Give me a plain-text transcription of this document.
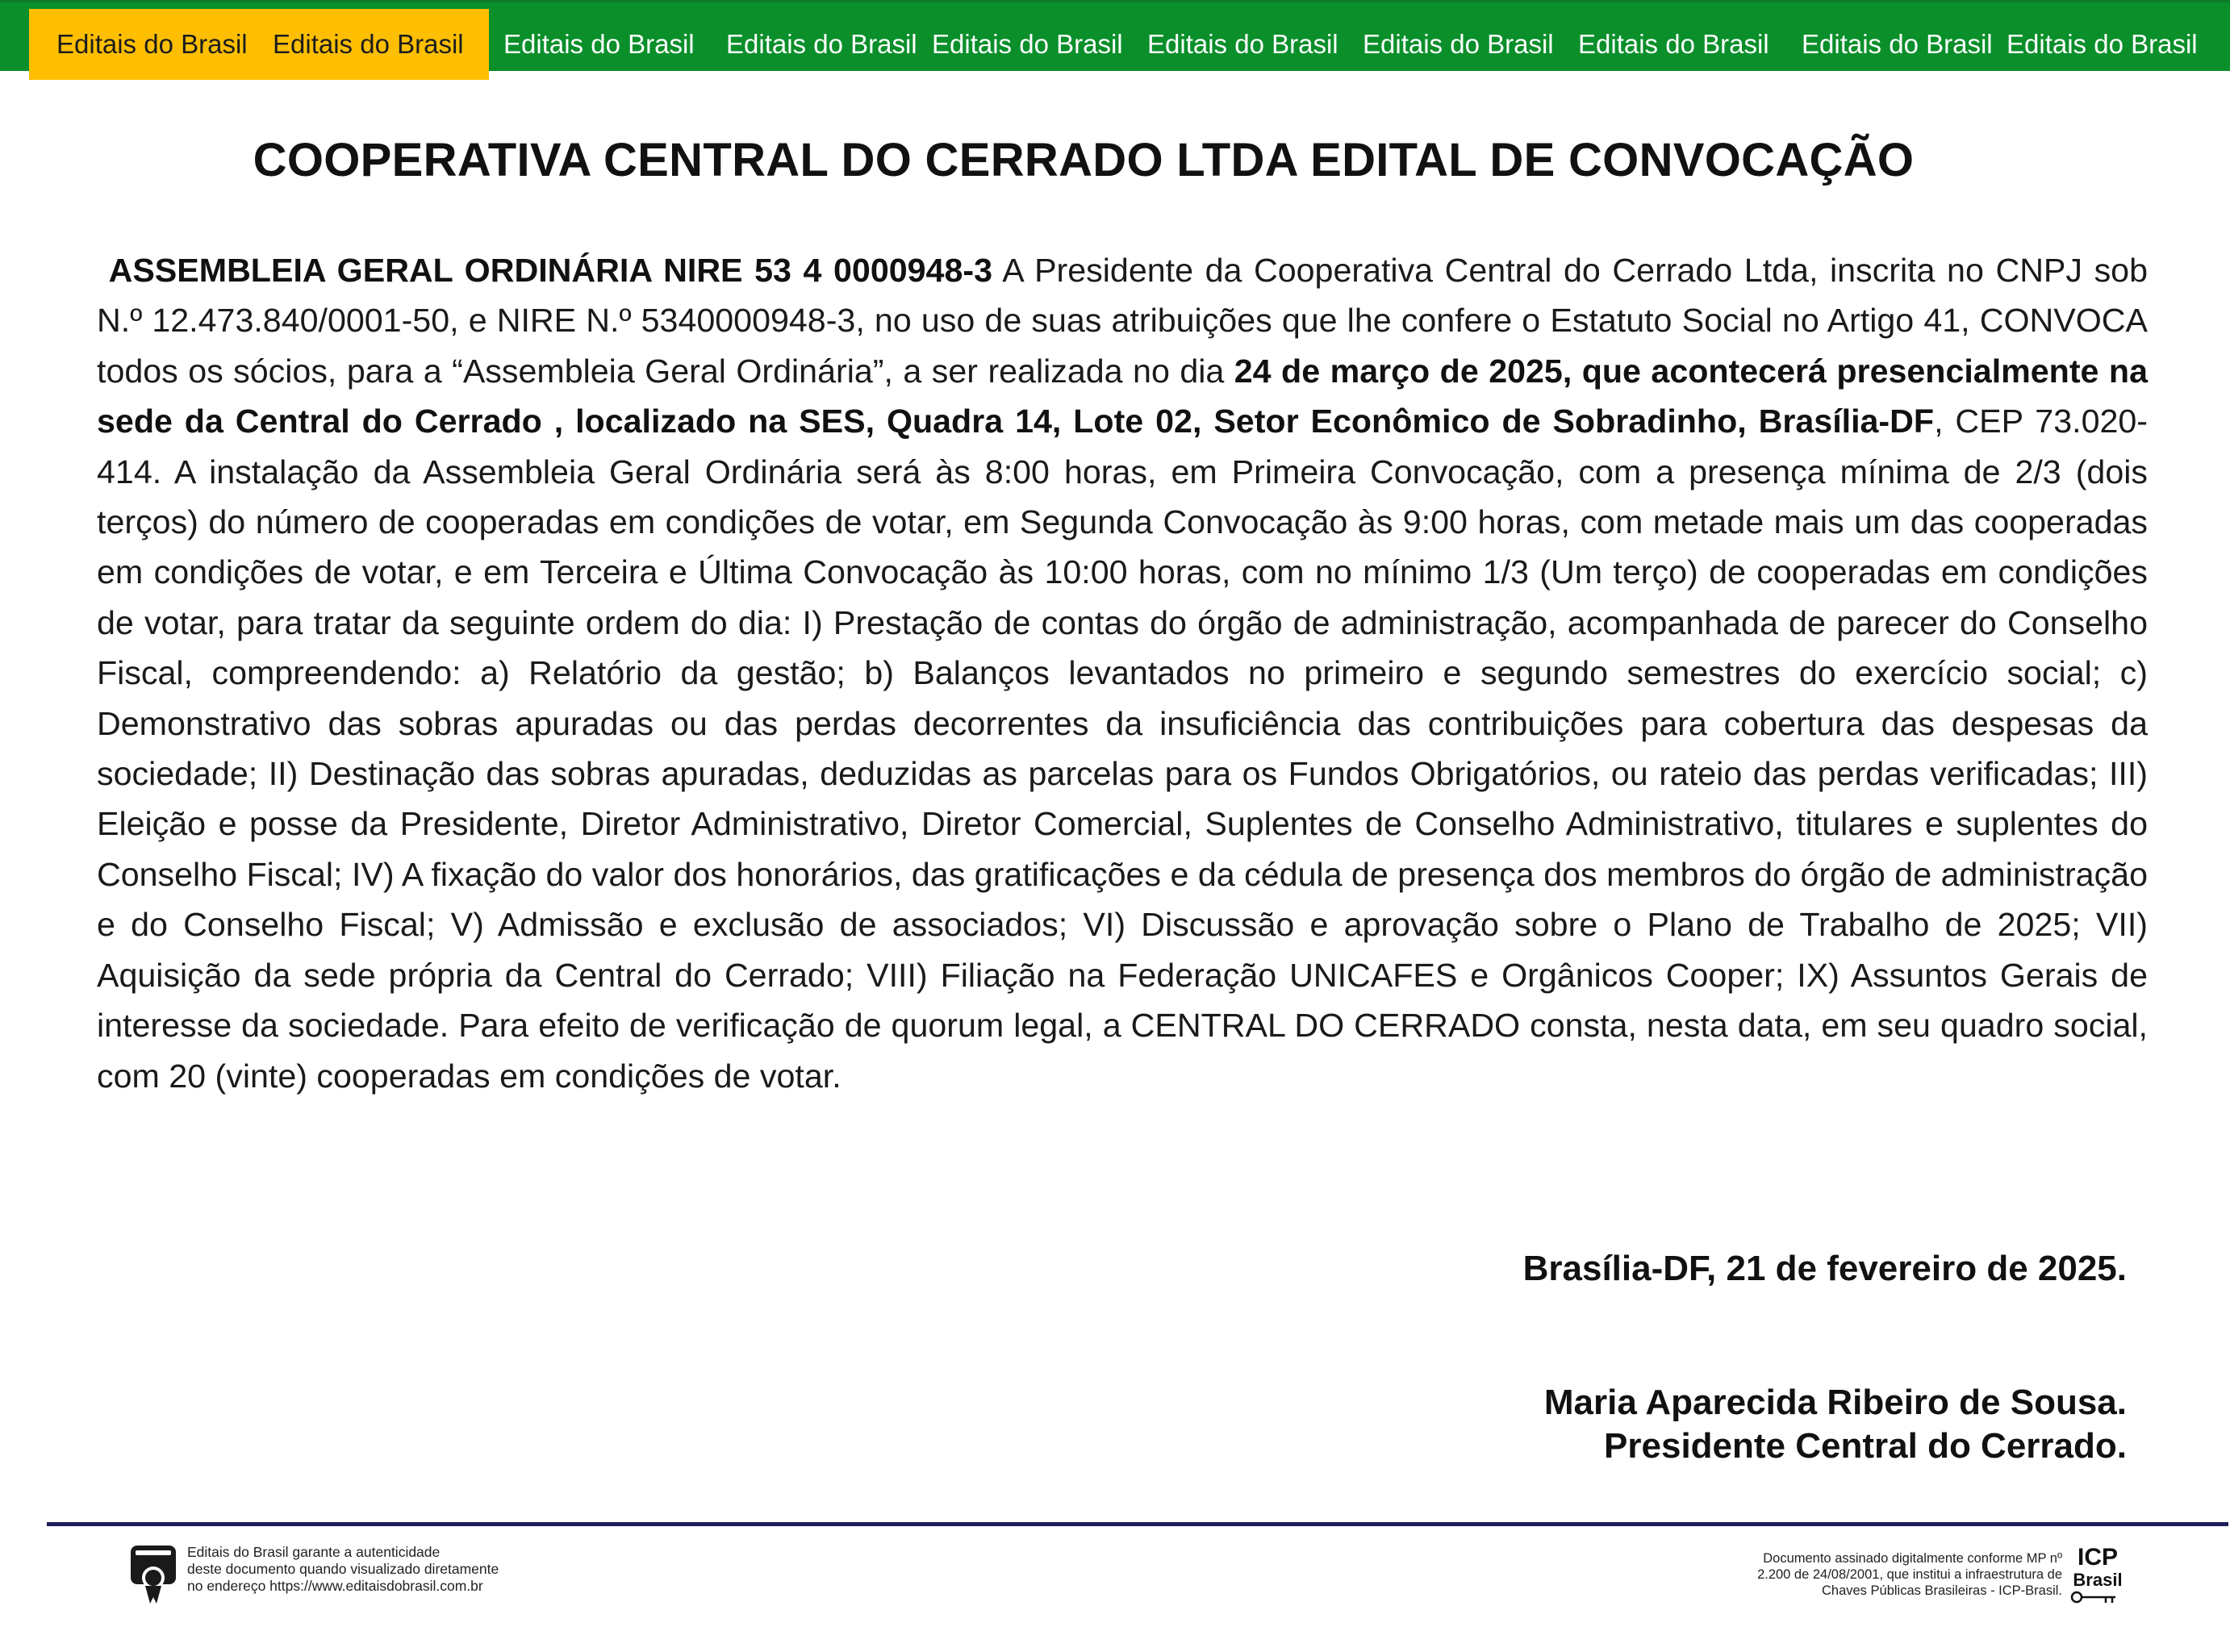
Editais do Brasil Editais do Brasil Editais do Brasil Editais do Brasil Editais do Brasil Editais do Brasil Editais do Brasil Editais do Brasil Editais do Brasil Editais do Brasil
COOPERATIVA CENTRAL DO CERRADO LTDA EDITAL DE CONVOCAÇÃO
ASSEMBLEIA GERAL ORDINÁRIA NIRE 53 4 0000948-3 A Presidente da Cooperativa Central do Cerrado Ltda, inscrita no CNPJ sob N.º 12.473.840/0001-50, e NIRE N.º 5340000948-3, no uso de suas atribuições que lhe confere o Estatuto Social no Artigo 41, CONVOCA todos os sócios, para a “Assembleia Geral Ordinária”, a ser realizada no dia 24 de março de 2025, que acontecerá presencialmente na sede da Central do Cerrado , localizado na SES, Quadra 14, Lote 02, Setor Econômico de Sobradinho, Brasília-DF, CEP 73.020-414. A instalação da Assembleia Geral Ordinária será às 8:00 horas, em Primeira Convocação, com a presença mínima de 2/3 (dois terços) do número de cooperadas em condições de votar, em Segunda Convocação às 9:00 horas, com metade mais um das cooperadas em condições de votar, e em Terceira e Última Convocação às 10:00 horas, com no mínimo 1/3 (Um terço) de cooperadas em condições de votar, para tratar da seguinte ordem do dia: I) Prestação de contas do órgão de administração, acompanhada de parecer do Conselho Fiscal, compreendendo: a) Relatório da gestão; b) Balanços levantados no primeiro e segundo semestres do exercício social; c) Demonstrativo das sobras apuradas ou das perdas decorrentes da insuficiência das contribuições para cobertura das despesas da sociedade; II) Destinação das sobras apuradas, deduzidas as parcelas para os Fundos Obrigatórios, ou rateio das perdas verificadas; III) Eleição e posse da Presidente, Diretor Administrativo, Diretor Comercial, Suplentes de Conselho Administrativo, titulares e suplentes do Conselho Fiscal; IV) A fixação do valor dos honorários, das gratificações e da cédula de presença dos membros do órgão de administração e do Conselho Fiscal; V) Admissão e exclusão de associados; VI) Discussão e aprovação sobre o Plano de Trabalho de 2025; VII) Aquisição da sede própria da Central do Cerrado; VIII) Filiação na Federação UNICAFES e Orgânicos Cooper; IX) Assuntos Gerais de interesse da sociedade. Para efeito de verificação de quorum legal, a CENTRAL DO CERRADO consta, nesta data, em seu quadro social, com 20 (vinte) cooperadas em condições de votar.
Brasília-DF, 21 de fevereiro de 2025.
Maria Aparecida Ribeiro de Sousa.
Presidente Central do Cerrado.
Editais do Brasil garante a autenticidade
deste documento quando visualizado diretamente
no endereço https://www.editaisdobrasil.com.br
Documento assinado digitalmente conforme MP nº
2.200 de 24/08/2001, que institui a infraestrutura de
Chaves Públicas Brasileiras - ICP-Brasil.
ICP
Brasil
